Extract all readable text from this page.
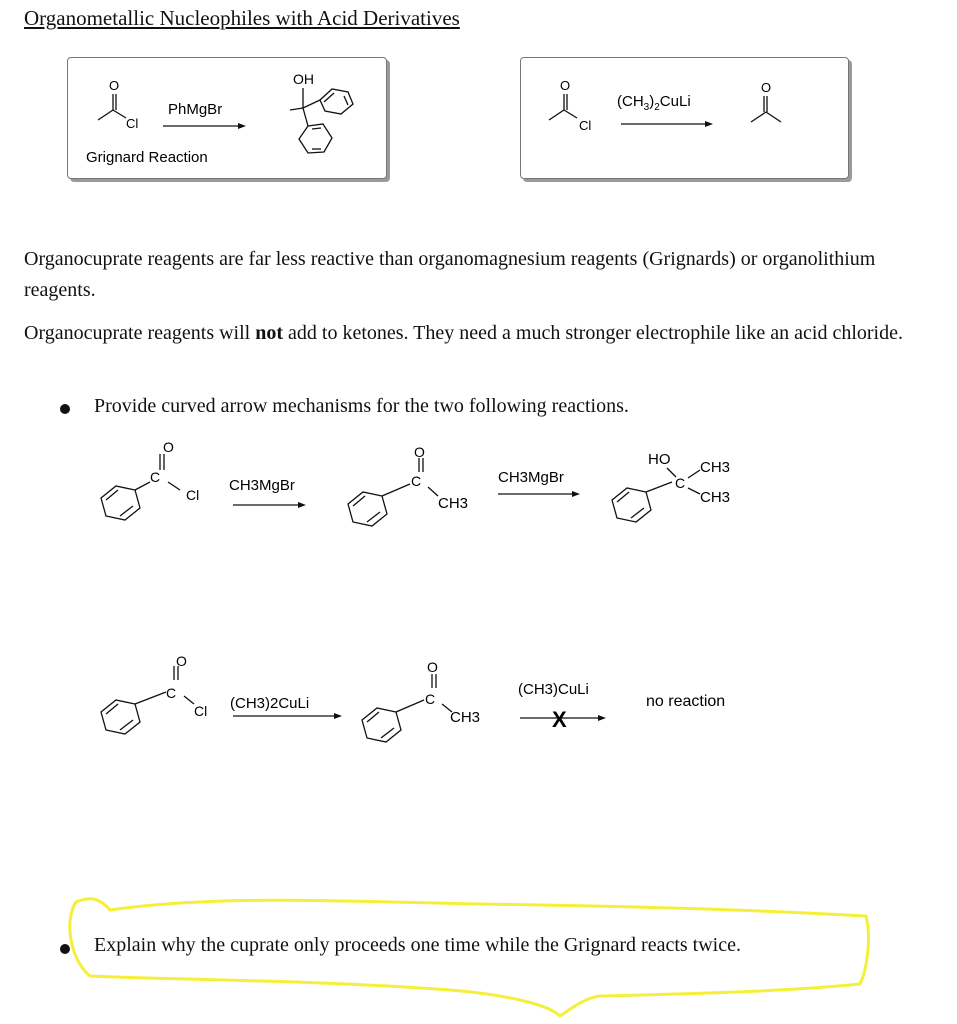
Organometallic Nucleophiles with Acid Derivatives
O
Cl
PhMgBr
Grignard Reaction
OH	O
Cl
$(CH_3)_2CuLi$
O
Organocuprate reagents are far less reactive than organomagnesium reagents (Grignards) or organolithium reagents.
Organocuprate reagents will not add to ketones. They need a much stronger electrophile like an acid chloride.
Provide curved arrow mechanisms for the two following reactions.
O
C
Cl
CH3MgBr
O
C
CH3
CH3MgBr
HO
C
CH3
CH3
O
C
Cl (CH3)2CuLi
O
C
CH3
(CH3)CuLi
X
no reaction
Explain why the cuprate only proceeds one time while the Grignard reacts twice.
